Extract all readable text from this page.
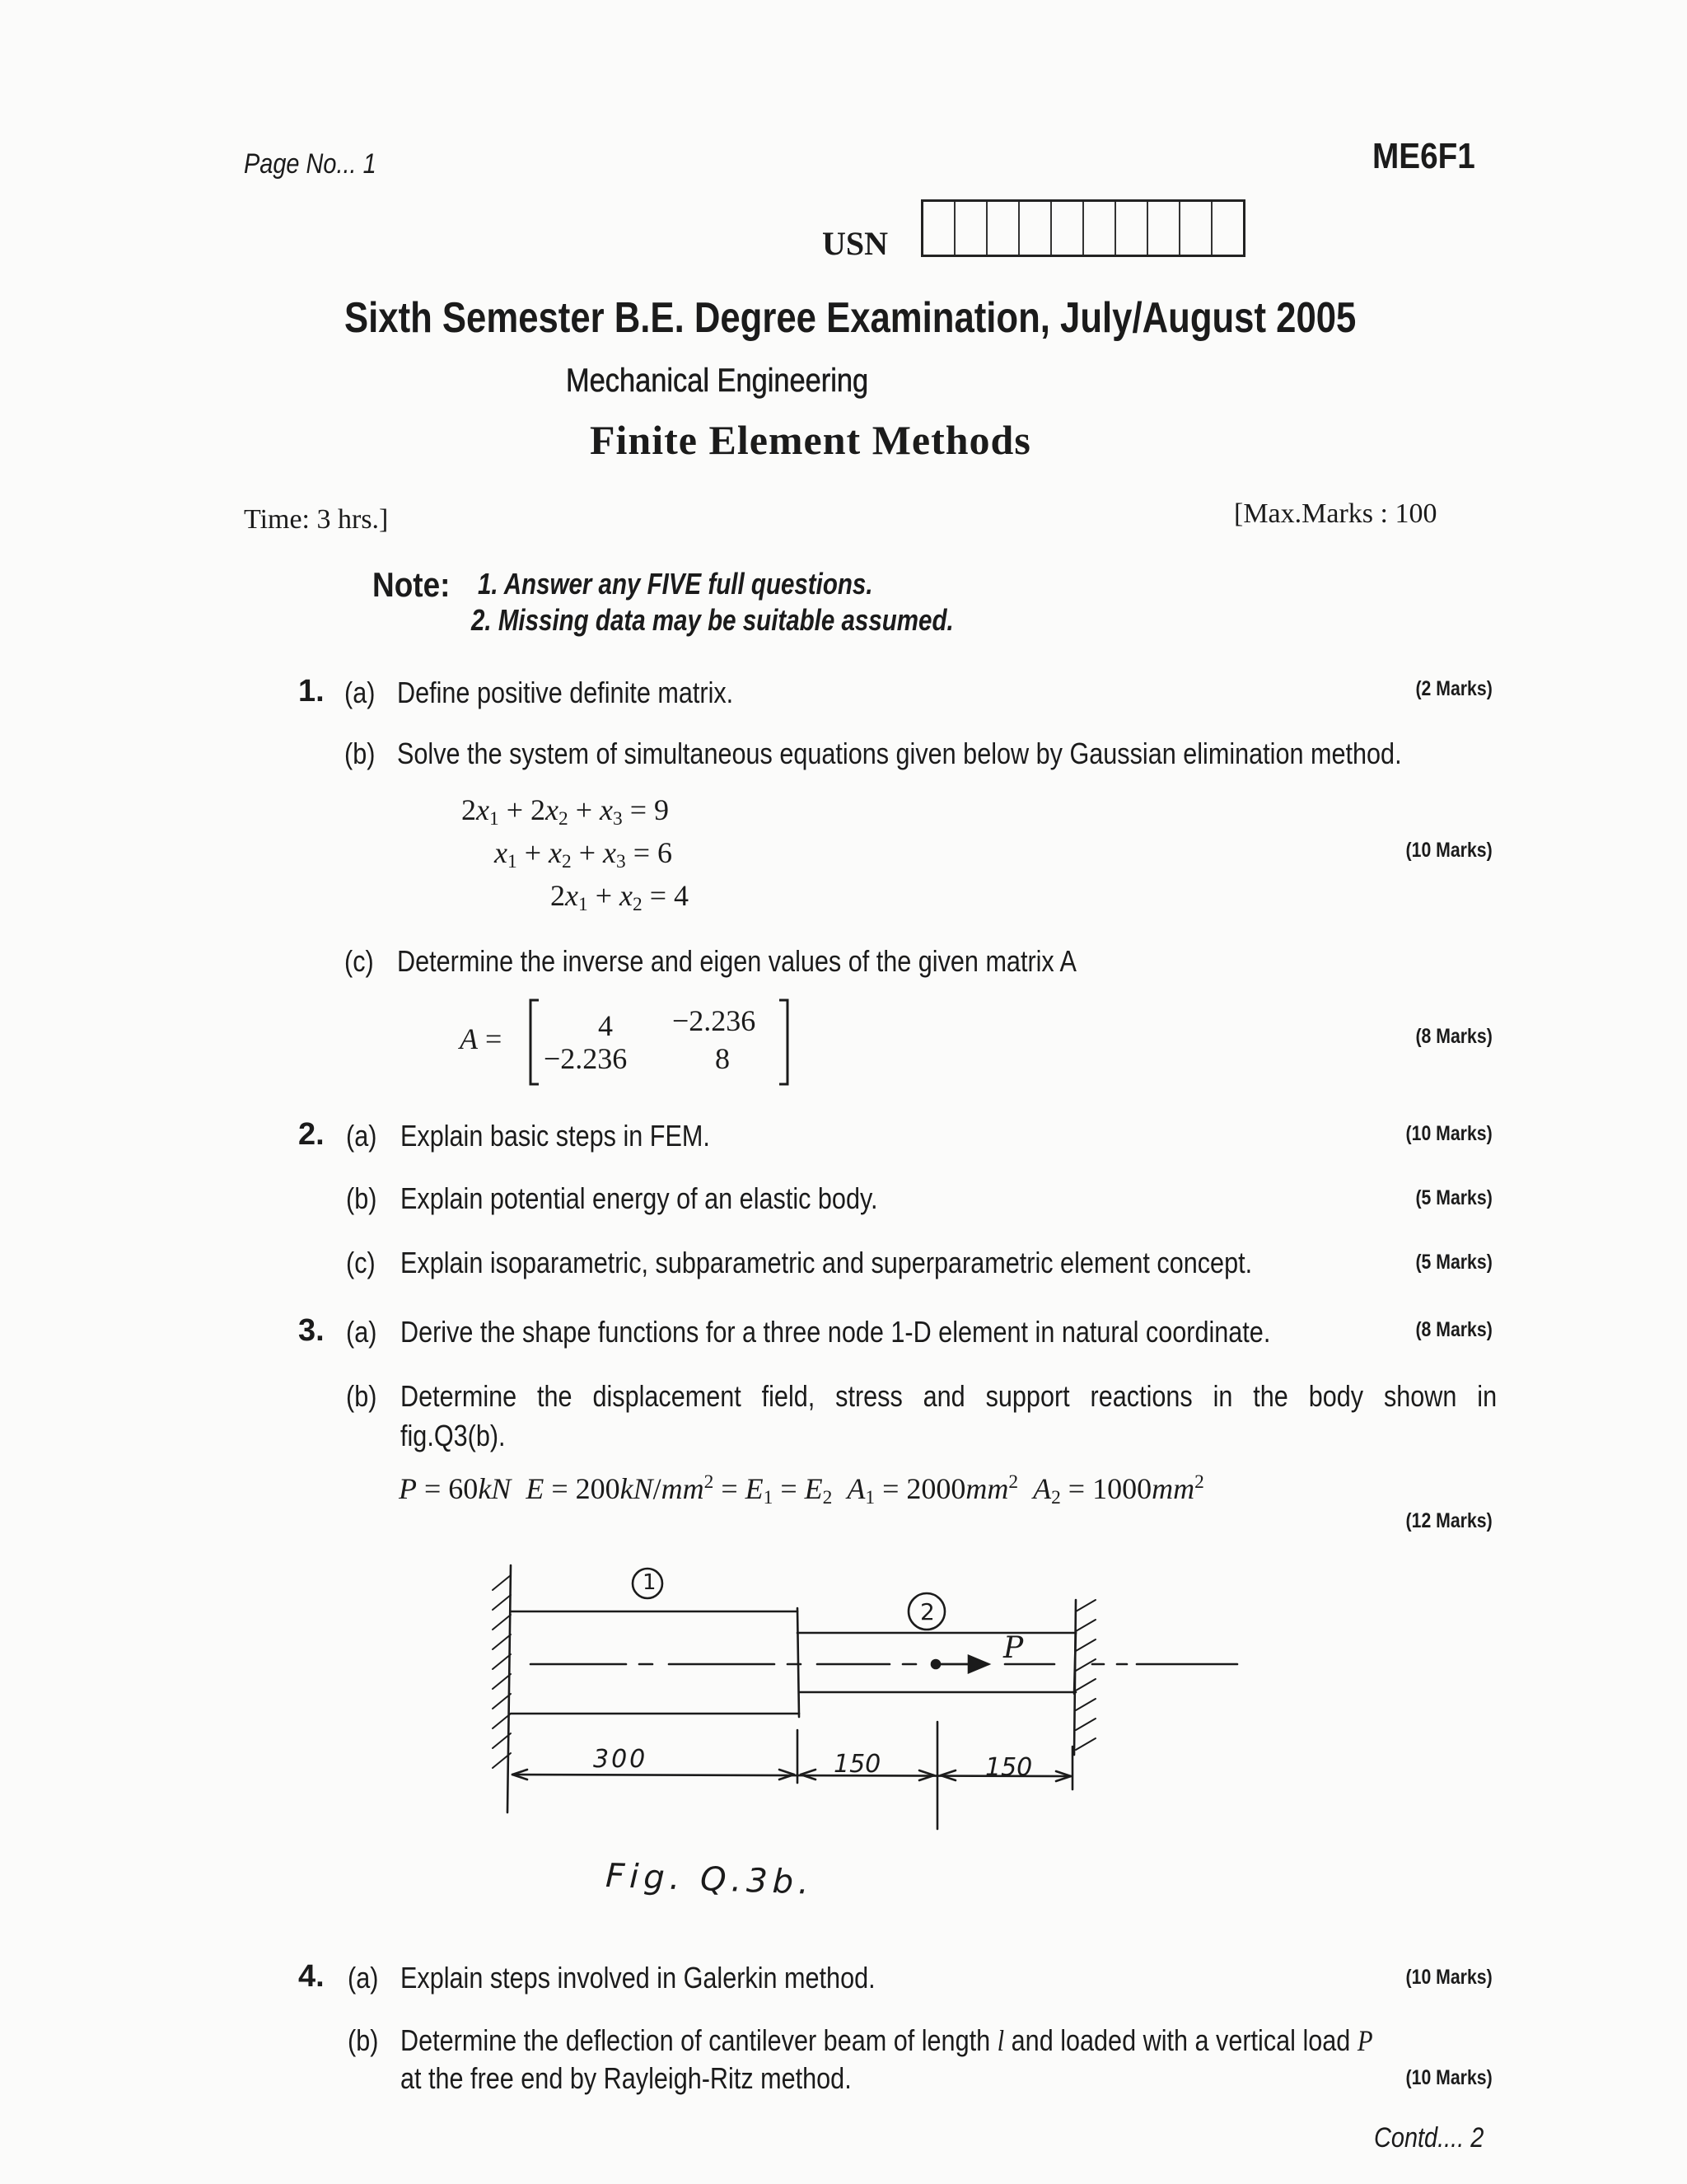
Page No... 1	ME6F1
USN
Sixth Semester B.E. Degree Examination, July/August 2005
Mechanical Engineering
Finite Element Methods
Time: 3 hrs.]	[Max.Marks : 100
Note: 1. Answer any FIVE full questions.
2. Missing data may be suitable assumed.
1. (a) Define positive definite matrix.	(2 Marks)
(b) Solve the system of simultaneous equations given below by Gaussian elimination method.
$2x_1 + 2x_2 + x_3 = 9$
$x_1 + x_2 + x_3 = 6$
$2x_1 + x_2 = 4$
(10 Marks)
(c) Determine the inverse and eigen values of the given matrix A
A =	4 −2.236
−2.236	8
(8 Marks)
2. (a) Explain basic steps in FEM.	(10 Marks)
(b) Explain potential energy of an elastic body.	(5 Marks)
(c) Explain isoparametric, subparametric and superparametric element concept.	(5 Marks)
3. (a) Derive the shape functions for a three node 1-D element in natural coordinate.	(8 Marks)
(b) Determine the displacement field, stress and support reactions in the body shown in
fig.Q3(b).
P = 60kN $E = 200kN/mm^2 = E_1 = E_2$ $A_1 = 2000mm^2$ $A_2 = 1000mm^2$
(12 Marks)
1
2
P
300	150	150
Fig. Q.3b.
4. (a) Explain steps involved in Galerkin method.	(10 Marks)
(b) Determine the deflection of cantilever beam of length l and loaded with a vertical load P
at the free end by Rayleigh-Ritz method.	(10 Marks)
Contd.... 2
